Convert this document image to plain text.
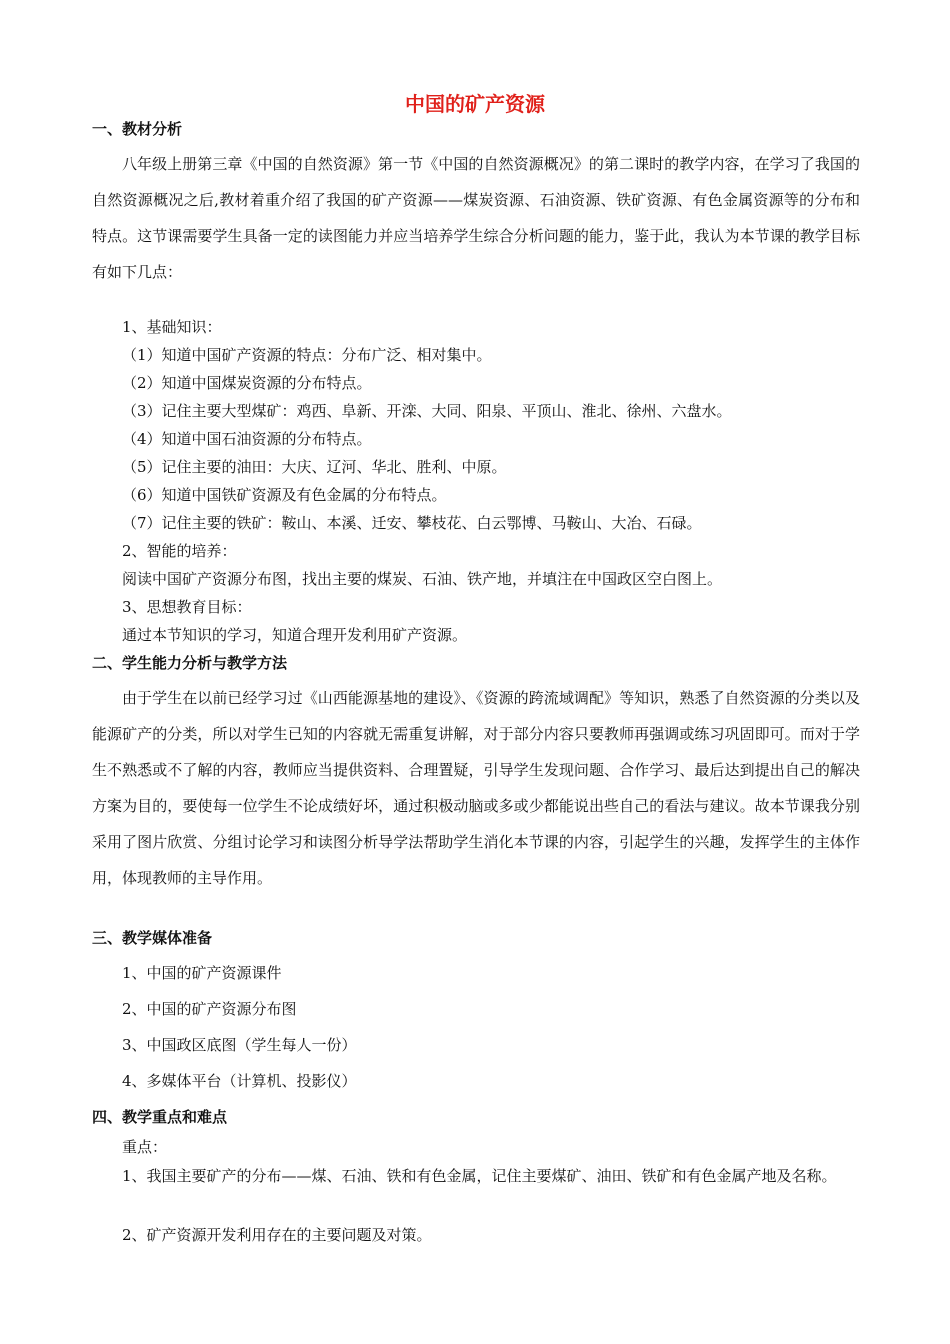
中国的矿产资源
一、教材分析
八年级上册第三章《中国的自然资源》第一节《中国的自然资源概况》的第二课时的教学内容，在学习了我国的自然资源概况之后,教材着重介绍了我国的矿产资源——煤炭资源、石油资源、铁矿资源、有色金属资源等的分布和特点。这节课需要学生具备一定的读图能力并应当培养学生综合分析问题的能力，鉴于此，我认为本节课的教学目标有如下几点：
1、基础知识：
（1）知道中国矿产资源的特点：分布广泛、相对集中。
（2）知道中国煤炭资源的分布特点。
（3）记住主要大型煤矿：鸡西、阜新、开滦、大同、阳泉、平顶山、淮北、徐州、六盘水。
（4）知道中国石油资源的分布特点。
（5）记住主要的油田：大庆、辽河、华北、胜利、中原。
（6）知道中国铁矿资源及有色金属的分布特点。
（7）记住主要的铁矿：鞍山、本溪、迁安、攀枝花、白云鄂博、马鞍山、大冶、石碌。
2、智能的培养：
阅读中国矿产资源分布图，找出主要的煤炭、石油、铁产地，并填注在中国政区空白图上。
3、思想教育目标：
通过本节知识的学习，知道合理开发利用矿产资源。
二、学生能力分析与教学方法
由于学生在以前已经学习过《山西能源基地的建设》、《资源的跨流域调配》等知识，熟悉了自然资源的分类以及能源矿产的分类，所以对学生已知的内容就无需重复讲解，对于部分内容只要教师再强调或练习巩固即可。而对于学生不熟悉或不了解的内容，教师应当提供资料、合理置疑，引导学生发现问题、合作学习、最后达到提出自己的解决方案为目的，要使每一位学生不论成绩好坏，通过积极动脑或多或少都能说出些自己的看法与建议。故本节课我分别采用了图片欣赏、分组讨论学习和读图分析导学法帮助学生消化本节课的内容，引起学生的兴趣，发挥学生的主体作用，体现教师的主导作用。
三、教学媒体准备
1、中国的矿产资源课件
2、中国的矿产资源分布图
3、中国政区底图（学生每人一份）
4、多媒体平台（计算机、投影仪）
四、教学重点和难点
重点：
1、我国主要矿产的分布——煤、石油、铁和有色金属，记住主要煤矿、油田、铁矿和有色金属产地及名称。
2、矿产资源开发利用存在的主要问题及对策。
